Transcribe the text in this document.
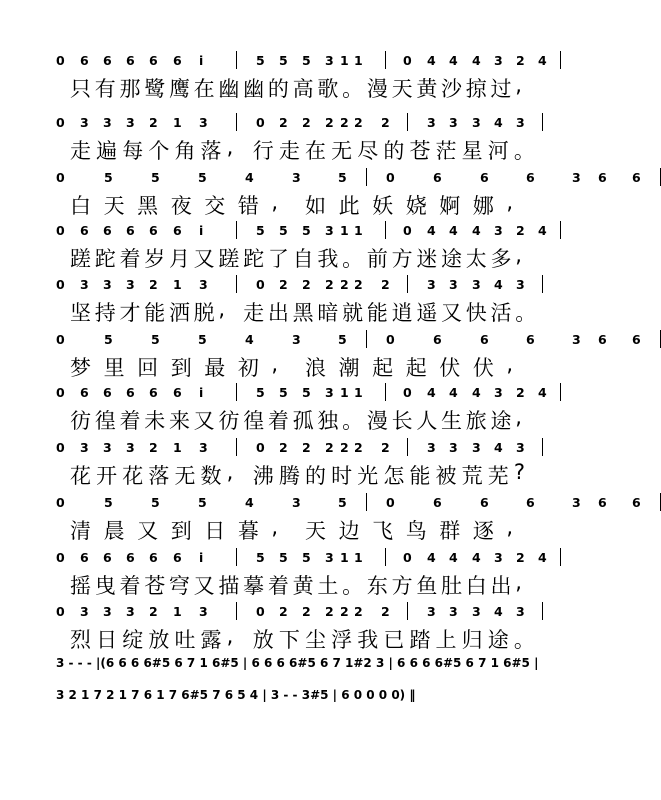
0 6 6 6 6 6 i	5 5 5 3 1 1	0 4 4 4 3 2 4
只 有 那 鹭 鹰 在 幽 幽 的 高 歌 。 漫 天 黄 沙 掠 过 ,
0 3 3 3 2 1 3	0 2 2 2 2 2 2	3 3 3 4 3
走 遍 每 个 角 落 , 行 走 在 无 尽 的 苍 茫 星 河 。
0	5	5	5	4	3	5	0	6	6	6	3 6 6
白 天 黑 夜 交 错 , 如 此 妖 娆 婀 娜 ,
0 6 6 6 6 6 i	5 5 5 3 1 1	0 4 4 4 3 2 4
蹉 跎 着 岁 月 又 蹉 跎 了 自 我 。 前 方 迷 途 太 多 ,
0 3 3 3 2 1 3	0 2 2 2 2 2 2	3 3 3 4 3
坚 持 才 能 洒 脱 , 走 出 黑 暗 就 能 逍 遥 又 快 活 。
0	5	5	5	4	3	5	0	6	6	6	3 6 6
梦 里 回 到 最 初 , 浪 潮 起 起 伏 伏 ,
0 6 6 6 6 6 i	5 5 5 3 1 1	0 4 4 4 3 2 4
彷 徨 着 未 来 又 彷 徨 着 孤 独 。 漫 长 人 生 旅 途 ,
0 3 3 3 2 1 3	0 2 2 2 2 2 2	3 3 3 4 3
花 开 花 落 无 数 , 沸 腾 的 时 光 怎 能 被 荒 芜 ?
0	5	5	5	4	3	5	0	6	6	6	3 6 6
清 晨 又 到 日 暮 , 天 边 飞 鸟 群 逐 ,
0 6 6 6 6 6 i	5 5 5 3 1 1	0 4 4 4 3 2 4
摇 曳 着 苍 穹 又 描 摹 着 黄 土 。 东 方 鱼 肚 白 出 ,
0 3 3 3 2 1 3	0 2 2 2 2 2 2	3 3 3 4 3
烈 日 绽 放 吐 露 , 放 下 尘 浮 我 已 踏 上 归 途 。
3 - - - |(6 6 6 6#5 6 7 1 6#5 | 6 6 6 6#5 6 7 1#2 3 | 6 6 6 6#5 6 7 1 6#5 |
3 2 1 7 2 1 7 6 1 7 6#5 7 6 5 4 | 3 - - 3#5 | 6 0 0 0 0) ‖
